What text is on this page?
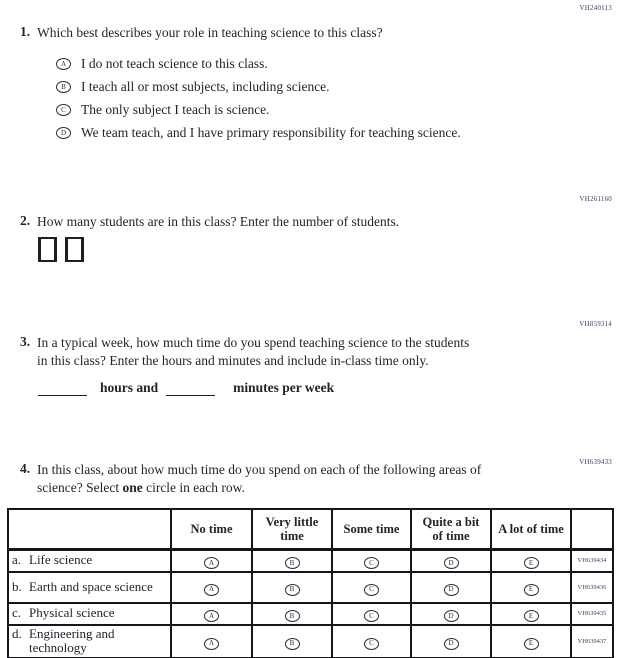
VH240113
1. Which best describes your role in teaching science to this class?
A I do not teach science to this class.
B I teach all or most subjects, including science.
C The only subject I teach is science.
D We team teach, and I have primary responsibility for teaching science.
VH261160
2. How many students are in this class? Enter the number of students.

VH859314
3. In a typical week, how much time do you spend teaching science to the students
in this class? Enter the hours and minutes and include in-class time only.
hours and	minutes per week
VH639433
4. In this class, about how much time do you spend on each of the following areas of
science? Select one circle in each row.
	No time	Very little time	Some time	Quite a bit of time	A lot of time	

a. Life science	A	B	C	D	E	VH639434

b. Earth and space science	A	B	C	D	E	VH639436

c. Physical science	A	B	C	D	E	VH639435

d. Engineering and technology	A	B	C	D	E	VH639437
